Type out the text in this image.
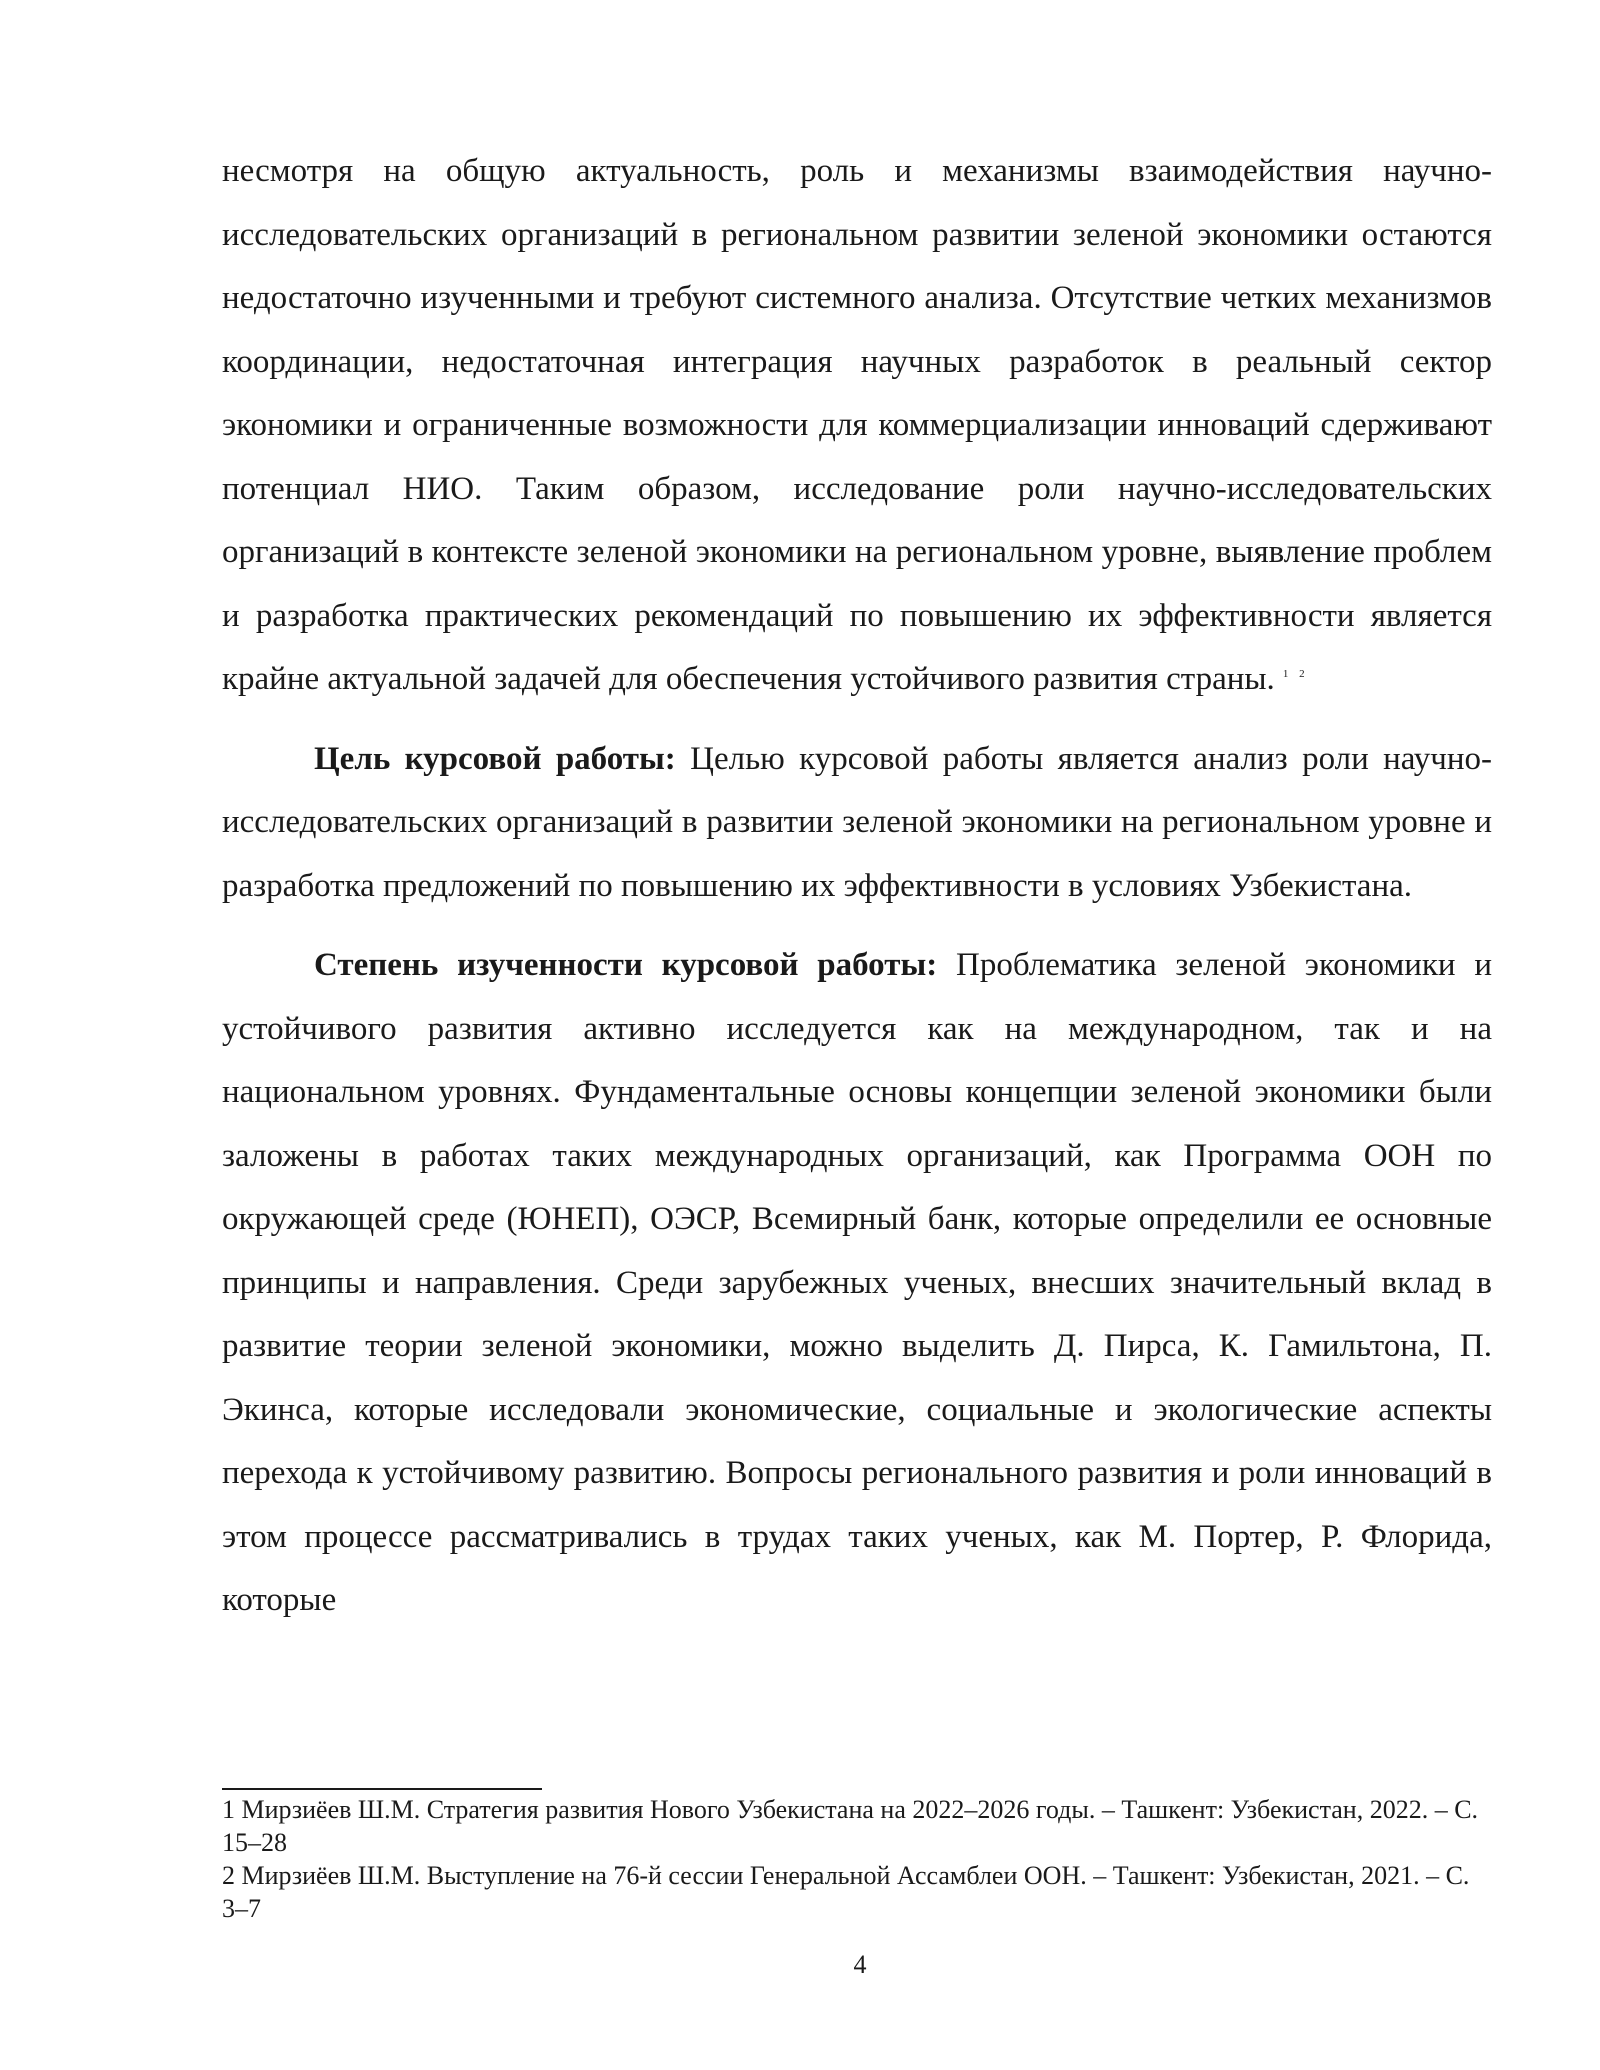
несмотря на общую актуальность, роль и механизмы взаимодействия научно-исследовательских организаций в региональном развитии зеленой экономики остаются недостаточно изученными и требуют системного анализа. Отсутствие четких механизмов координации, недостаточная интеграция научных разработок в реальный сектор экономики и ограниченные возможности для коммерциализации инноваций сдерживают потенциал НИО. Таким образом, исследование роли научно-исследовательских организаций в контексте зеленой экономики на региональном уровне, выявление проблем и разработка практических рекомендаций по повышению их эффективности является крайне актуальной задачей для обеспечения устойчивого развития страны. $^{1 2}$

Цель курсовой работы: Целью курсовой работы является анализ роли научно-исследовательских организаций в развитии зеленой экономики на региональном уровне и разработка предложений по повышению их эффективности в условиях Узбекистана.

Степень изученности курсовой работы: Проблематика зеленой экономики и устойчивого развития активно исследуется как на международном, так и на национальном уровнях. Фундаментальные основы концепции зеленой экономики были заложены в работах таких международных организаций, как Программа ООН по окружающей среде (ЮНЕП), ОЭСР, Всемирный банк, которые определили ее основные принципы и направления. Среди зарубежных ученых, внесших значительный вклад в развитие теории зеленой экономики, можно выделить Д. Пирса, К. Гамильтона, П. Экинса, которые исследовали экономические, социальные и экологические аспекты перехода к устойчивому развитию. Вопросы регионального развития и роли инноваций в этом процессе рассматривались в трудах таких ученых, как М. Портер, Р. Флорида, которые

1 Мирзиёев Ш.М. Стратегия развития Нового Узбекистана на 2022–2026 годы. – Ташкент: Узбекистан, 2022. – С. 15–28

2 Мирзиёев Ш.М. Выступление на 76-й сессии Генеральной Ассамблеи ООН. – Ташкент: Узбекистан, 2021. – С. 3–7

4
